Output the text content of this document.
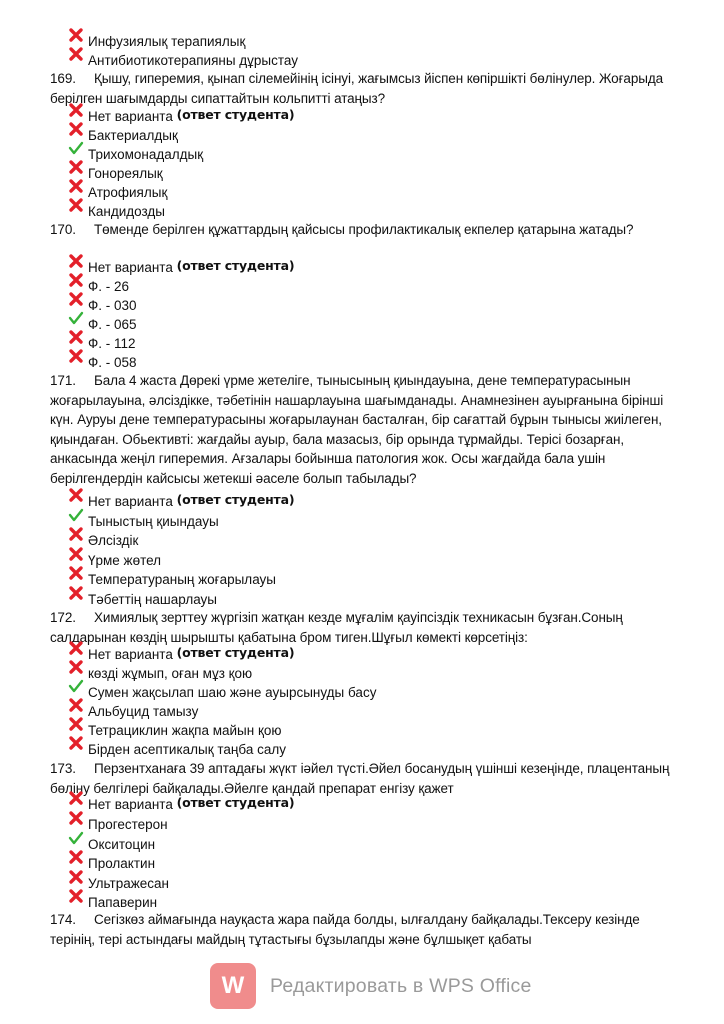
Инфузиялық терапиялық
Антибиотикотерапияны дұрыстау
169. Қышу, гиперемия, қынап сілемейінің ісінуі, жағымсыз йіспен көпіршікті бөлінулер. Жоғарыда берілген шағымдарды сипаттайтын кольпитті атаңыз?
Нет варианта (ответ студента)
Бактериалдық
Трихомонадалдық
Гонореялық
Атрофиялық
Кандидозды
170. Төменде берілген құжаттардың қайсысы профилактикалық екпелер қатарына жатады?
Нет варианта (ответ студента)
Ф. - 26
Ф. - 030
Ф. - 065
Ф. - 112
Ф. - 058
171. Бала 4 жаста Дөрекі үрме жетеліге, тынысының қиындауына, дене температурасынын жоғарылауына, әлсіздікке, тәбетінін нашарлауына шағымданады. Анамнезінен ауырғанына бірінші күн. Ауруы дене температурасыны жоғарылаунан басталған, бір сағаттай бұрын тынысы жиілеген, қиындаған. Обьективті: жағдайы ауыр, бала мазасыз, бір орында тұрмайды. Терісі бозарған, анкасында жеңіл гиперемия. Ағзалары бойынша патология жок. Осы жағдайда бала ушін берілгендердін кайсысы жетекші әаселе болып табылады?
Нет варианта (ответ студента)
Тыныстың қиындауы
Әлсіздік
Үрме жөтел
Температураның жоғарылауы
Тәбеттің нашарлауы
172. Химиялық зерттеу жүргізіп жатқан кезде мұғалім қауіпсіздік техникасын бұзған.Соның салдарынан көздің шырышты қабатына бром тиген.Шұғыл көмекті көрсетіңіз:
Нет варианта (ответ студента)
көзді жұмып, оған мұз қою
Сумен жақсылап шаю және ауырсынуды басу
Альбуцид тамызу
Тетрациклин жақпа майын қою
Бірден асептикалық таңба салу
173. Перзентханаға 39 аптадағы жүкт іәйел түсті.Әйел босанудың үшінші кезеңінде, плацентаның бөліну белгілері байқалады.Әйелге қандай препарат енгізу қажет
Нет варианта (ответ студента)
Прогестерон
Окситоцин
Пролактин
Ультражесан
Папаверин
174. Сегізкөз аймағында науқаста жара пайда болды, ылғалдану байқалады.Тексеру кезінде терінің, тері астындағы майдың тұтастығы бұзылапды және бұлшықет қабаты
W Редактировать в WPS Office
